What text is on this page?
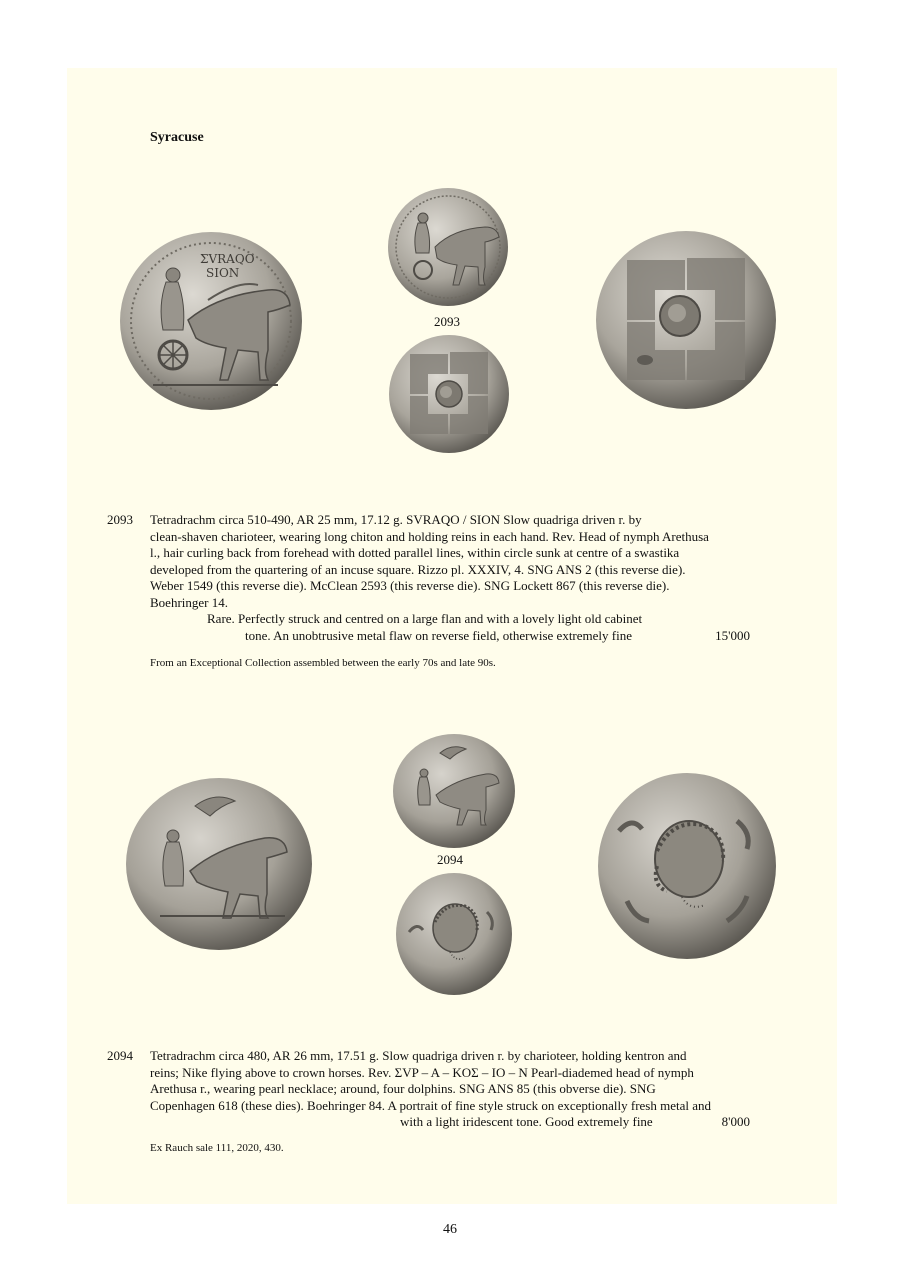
Syracuse
ΣVRAQO
SION
2093
2093 Tetradrachm circa 510-490, AR 25 mm, 17.12 g. SVRAQO / SION Slow quadriga driven r. by
clean-shaven charioteer, wearing long chiton and holding reins in each hand. Rev. Head of nymph Arethusa
l., hair curling back from forehead with dotted parallel lines, within circle sunk at centre of a swastika
developed from the quartering of an incuse square. Rizzo pl. XXXIV, 4. SNG ANS 2 (this reverse die).
Weber 1549 (this reverse die). McClean 2593 (this reverse die). SNG Lockett 867 (this reverse die).
Boehringer 14.
Rare. Perfectly struck and centred on a large flan and with a lovely light old cabinet
tone. An unobtrusive metal flaw on reverse field, otherwise extremely fine	15'000
From an Exceptional Collection assembled between the early 70s and late 90s.
2094
2094 Tetradrachm circa 480, AR 26 mm, 17.51 g. Slow quadriga driven r. by charioteer, holding kentron and
reins; Nike flying above to crown horses. Rev. ΣVP – A – KOΣ – IO – N Pearl-diademed head of nymph
Arethusa r., wearing pearl necklace; around, four dolphins. SNG ANS 85 (this obverse die). SNG
Copenhagen 618 (these dies). Boehringer 84. A portrait of fine style struck on exceptionally fresh metal and
with a light iridescent tone. Good extremely fine	8'000
Ex Rauch sale 111, 2020, 430.
46
